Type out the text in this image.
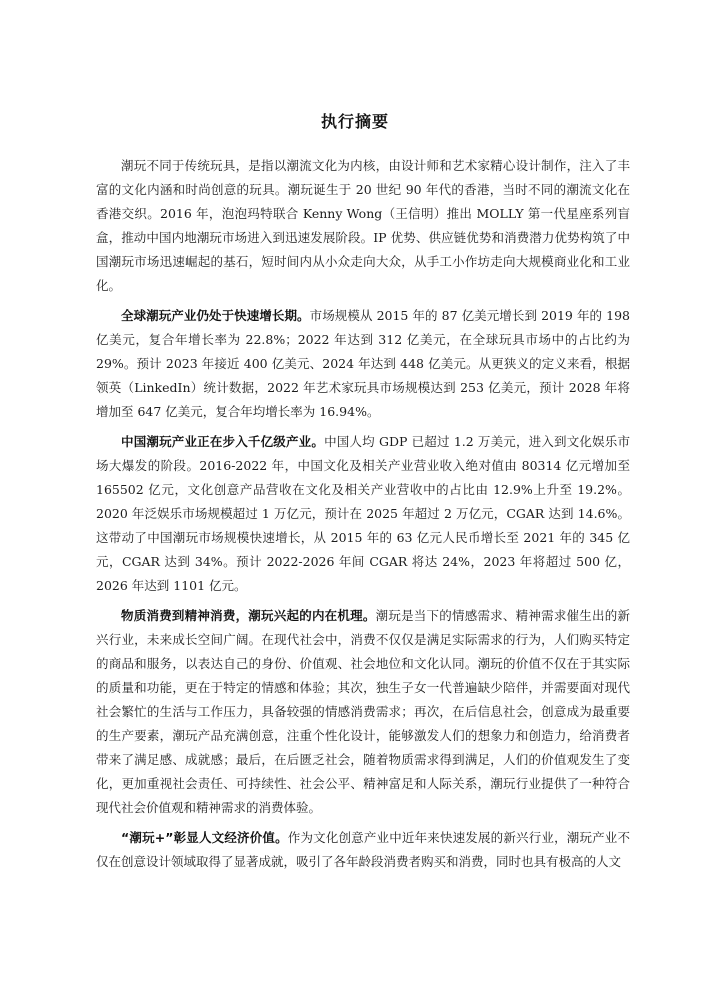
执行摘要

潮玩不同于传统玩具，是指以潮流文化为内核，由设计师和艺术家精心设计制作，注入了丰富的文化内涵和时尚创意的玩具。潮玩诞生于 20 世纪 90 年代的香港，当时不同的潮流文化在香港交织。2016 年，泡泡玛特联合 Kenny Wong（王信明）推出 MOLLY 第一代星座系列盲盒，推动中国内地潮玩市场进入到迅速发展阶段。IP 优势、供应链优势和消费潜力优势构筑了中国潮玩市场迅速崛起的基石，短时间内从小众走向大众，从手工小作坊走向大规模商业化和工业化。

全球潮玩产业仍处于快速增长期。市场规模从 2015 年的 87 亿美元增长到 2019 年的 198 亿美元，复合年增长率为 22.8%；2022 年达到 312 亿美元，在全球玩具市场中的占比约为 29%。预计 2023 年接近 400 亿美元、2024 年达到 448 亿美元。从更狭义的定义来看，根据领英（LinkedIn）统计数据，2022 年艺术家玩具市场规模达到 253 亿美元，预计 2028 年将增加至 647 亿美元，复合年均增长率为 16.94%。

中国潮玩产业正在步入千亿级产业。中国人均 GDP 已超过 1.2 万美元，进入到文化娱乐市场大爆发的阶段。2016-2022 年，中国文化及相关产业营业收入绝对值由 80314 亿元增加至 165502 亿元，文化创意产品营收在文化及相关产业营收中的占比由 12.9%上升至 19.2%。2020 年泛娱乐市场规模超过 1 万亿元，预计在 2025 年超过 2 万亿元，CGAR 达到 14.6%。这带动了中国潮玩市场规模快速增长，从 2015 年的 63 亿元人民币增长至 2021 年的 345 亿元，CGAR 达到 34%。预计 2022-2026 年间 CGAR 将达 24%，2023 年将超过 500 亿，2026 年达到 1101 亿元。

物质消费到精神消费，潮玩兴起的内在机理。潮玩是当下的情感需求、精神需求催生出的新兴行业，未来成长空间广阔。在现代社会中，消费不仅仅是满足实际需求的行为，人们购买特定的商品和服务，以表达自己的身份、价值观、社会地位和文化认同。潮玩的价值不仅在于其实际的质量和功能，更在于特定的情感和体验；其次，独生子女一代普遍缺少陪伴，并需要面对现代社会繁忙的生活与工作压力，具备较强的情感消费需求；再次，在后信息社会，创意成为最重要的生产要素，潮玩产品充满创意，注重个性化设计，能够激发人们的想象力和创造力，给消费者带来了满足感、成就感；最后，在后匮乏社会，随着物质需求得到满足，人们的价值观发生了变化，更加重视社会责任、可持续性、社会公平、精神富足和人际关系，潮玩行业提供了一种符合现代社会价值观和精神需求的消费体验。

“潮玩+”彰显人文经济价值。作为文化创意产业中近年来快速发展的新兴行业，潮玩产业不仅在创意设计领域取得了显著成就，吸引了各年龄段消费者购买和消费，同时也具有极高的人文
